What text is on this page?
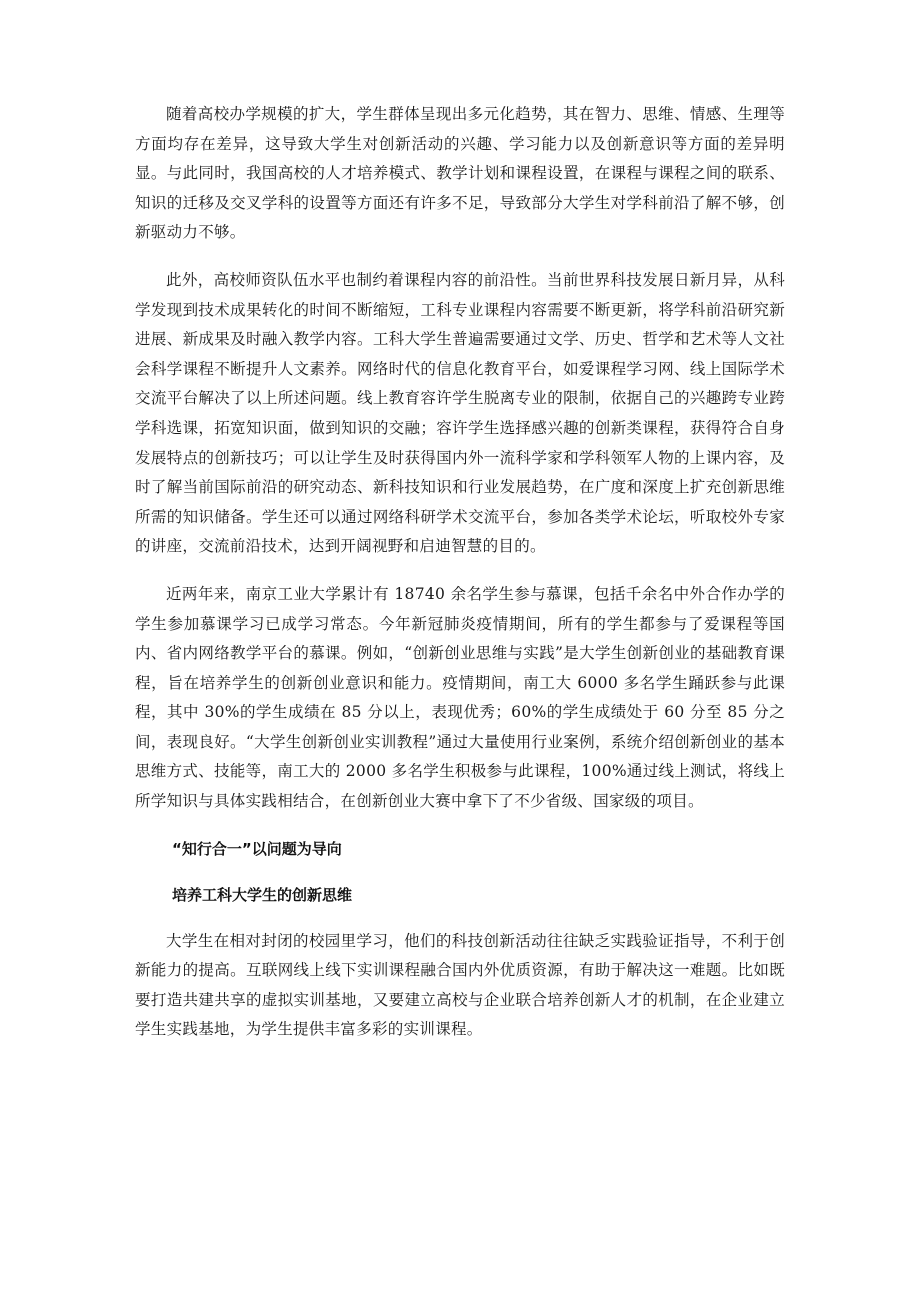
随着高校办学规模的扩大，学生群体呈现出多元化趋势，其在智力、思维、情感、生理等方面均存在差异，这导致大学生对创新活动的兴趣、学习能力以及创新意识等方面的差异明显。与此同时，我国高校的人才培养模式、教学计划和课程设置，在课程与课程之间的联系、知识的迁移及交叉学科的设置等方面还有许多不足，导致部分大学生对学科前沿了解不够，创新驱动力不够。

此外，高校师资队伍水平也制约着课程内容的前沿性。当前世界科技发展日新月异，从科学发现到技术成果转化的时间不断缩短，工科专业课程内容需要不断更新，将学科前沿研究新进展、新成果及时融入教学内容。工科大学生普遍需要通过文学、历史、哲学和艺术等人文社会科学课程不断提升人文素养。网络时代的信息化教育平台，如爱课程学习网、线上国际学术交流平台解决了以上所述问题。线上教育容许学生脱离专业的限制，依据自己的兴趣跨专业跨学科选课，拓宽知识面，做到知识的交融；容许学生选择感兴趣的创新类课程，获得符合自身发展特点的创新技巧；可以让学生及时获得国内外一流科学家和学科领军人物的上课内容，及时了解当前国际前沿的研究动态、新科技知识和行业发展趋势，在广度和深度上扩充创新思维所需的知识储备。学生还可以通过网络科研学术交流平台，参加各类学术论坛，听取校外专家的讲座，交流前沿技术，达到开阔视野和启迪智慧的目的。

近两年来，南京工业大学累计有 18740 余名学生参与慕课，包括千余名中外合作办学的学生参加慕课学习已成学习常态。今年新冠肺炎疫情期间，所有的学生都参与了爱课程等国内、省内网络教学平台的慕课。例如，“创新创业思维与实践”是大学生创新创业的基础教育课程，旨在培养学生的创新创业意识和能力。疫情期间，南工大 6000 多名学生踊跃参与此课程，其中 30%的学生成绩在 85 分以上，表现优秀；60%的学生成绩处于 60 分至 85 分之间，表现良好。“大学生创新创业实训教程”通过大量使用行业案例，系统介绍创新创业的基本思维方式、技能等，南工大的 2000 多名学生积极参与此课程，100%通过线上测试，将线上所学知识与具体实践相结合，在创新创业大赛中拿下了不少省级、国家级的项目。

“知行合一”以问题为导向

培养工科大学生的创新思维

大学生在相对封闭的校园里学习，他们的科技创新活动往往缺乏实践验证指导，不利于创新能力的提高。互联网线上线下实训课程融合国内外优质资源，有助于解决这一难题。比如既要打造共建共享的虚拟实训基地，又要建立高校与企业联合培养创新人才的机制，在企业建立学生实践基地，为学生提供丰富多彩的实训课程。
